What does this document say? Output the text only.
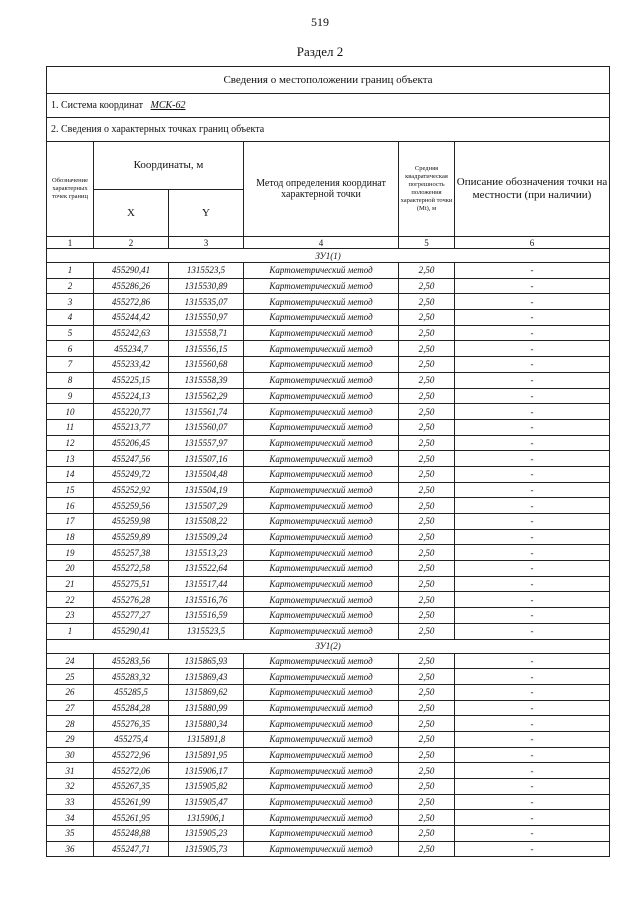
519
Раздел 2
Сведения о местоположении границ объекта					
1. Система координат МСК-62					
2. Сведения о характерных точках границ объекта					
Обозначение характерных точек границ	Координаты, м		Метод определения координат характерной точки	Средняя квадратическая погрешность положения характерной точки (Mt), м	Описание обозначения точки на местности (при наличии)
	X	Y			
1	2	3	4	5	6
ЗУ1(1)					
1	455290,41	1315523,5	Картометрический метод	2,50	-
2	455286,26	1315530,89	Картометрический метод	2,50	-
3	455272,86	1315535,07	Картометрический метод	2,50	-
4	455244,42	1315550,97	Картометрический метод	2,50	-
5	455242,63	1315558,71	Картометрический метод	2,50	-
6	455234,7	1315556,15	Картометрический метод	2,50	-
7	455233,42	1315560,68	Картометрический метод	2,50	-
8	455225,15	1315558,39	Картометрический метод	2,50	-
9	455224,13	1315562,29	Картометрический метод	2,50	-
10	455220,77	1315561,74	Картометрический метод	2,50	-
11	455213,77	1315560,07	Картометрический метод	2,50	-
12	455206,45	1315557,97	Картометрический метод	2,50	-
13	455247,56	1315507,16	Картометрический метод	2,50	-
14	455249,72	1315504,48	Картометрический метод	2,50	-
15	455252,92	1315504,19	Картометрический метод	2,50	-
16	455259,56	1315507,29	Картометрический метод	2,50	-
17	455259,98	1315508,22	Картометрический метод	2,50	-
18	455259,89	1315509,24	Картометрический метод	2,50	-
19	455257,38	1315513,23	Картометрический метод	2,50	-
20	455272,58	1315522,64	Картометрический метод	2,50	-
21	455275,51	1315517,44	Картометрический метод	2,50	-
22	455276,28	1315516,76	Картометрический метод	2,50	-
23	455277,27	1315516,59	Картометрический метод	2,50	-
1	455290,41	1315523,5	Картометрический метод	2,50	-
ЗУ1(2)					
24	455283,56	1315865,93	Картометрический метод	2,50	-
25	455283,32	1315869,43	Картометрический метод	2,50	-
26	455285,5	1315869,62	Картометрический метод	2,50	-
27	455284,28	1315880,99	Картометрический метод	2,50	-
28	455276,35	1315880,34	Картометрический метод	2,50	-
29	455275,4	1315891,8	Картометрический метод	2,50	-
30	455272,96	1315891,95	Картометрический метод	2,50	-
31	455272,06	1315906,17	Картометрический метод	2,50	-
32	455267,35	1315905,82	Картометрический метод	2,50	-
33	455261,99	1315905,47	Картометрический метод	2,50	-
34	455261,95	1315906,1	Картометрический метод	2,50	-
35	455248,88	1315905,23	Картометрический метод	2,50	-
36	455247,71	1315905,73	Картометрический метод	2,50	-
